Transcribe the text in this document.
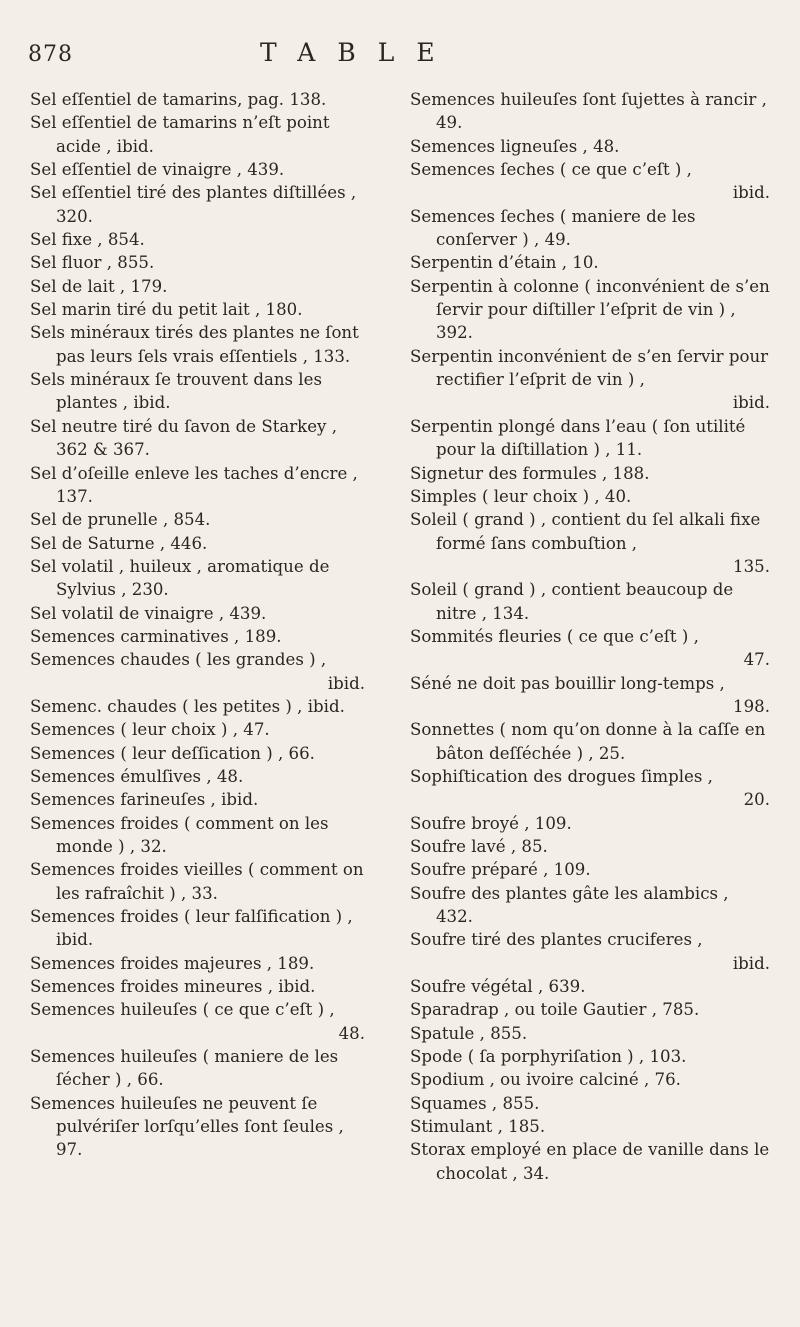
878	TABLE

Sel eſſentiel de tamarins, pag. 138.

Sel eſſentiel de tamarins n’eſt point acide , ibid.

Sel eſſentiel de vinaigre , 439.

Sel eſſentiel tiré des plantes diſtillées , 320.

Sel fixe , 854.

Sel fluor , 855.

Sel de lait , 179.

Sel marin tiré du petit lait , 180.

Sels minéraux tirés des plantes ne ſont pas leurs ſels vrais eſſentiels , 133.

Sels minéraux ſe trouvent dans les plantes , ibid.

Sel neutre tiré du ſavon de Starkey , 362 & 367.

Sel d’oſeille enleve les taches d’encre , 137.

Sel de prunelle , 854.

Sel de Saturne , 446.

Sel volatil , huileux , aromatique de Sylvius , 230.

Sel volatil de vinaigre , 439.

Semences carminatives , 189.

Semences chaudes ( les grandes ) ,
ibid.

Semenc. chaudes ( les petites ) , ibid.

Semences ( leur choix ) , 47.

Semences ( leur deſſication ) , 66.

Semences émulſives , 48.

Semences farineuſes , ibid.

Semences froides ( comment on les monde ) , 32.

Semences froides vieilles ( comment on les rafraîchit ) , 33.

Semences froides ( leur falſification ) , ibid.

Semences froides majeures , 189.

Semences froides mineures , ibid.

Semences huileuſes ( ce que c’eſt ) ,
48.

Semences huileuſes ( maniere de les ſécher ) , 66.

Semences huileuſes ne peuvent ſe pulvériſer lorſqu’elles ſont ſeules , 97.

Semences huileuſes ſont ſujettes à rancir , 49.

Semences ligneuſes , 48.

Semences ſeches ( ce que c’eſt ) ,
ibid.

Semences ſeches ( maniere de les conſerver ) , 49.

Serpentin d’étain , 10.

Serpentin à colonne ( inconvénient de s’en ſervir pour diſtiller l’eſprit de vin ) , 392.

Serpentin inconvénient de s’en ſervir pour rectifier l’eſprit de vin ) ,
ibid.

Serpentin plongé dans l’eau ( ſon utilité pour la diſtillation ) , 11.

Signetur des formules , 188.

Simples ( leur choix ) , 40.

Soleil ( grand ) , contient du ſel alkali fixe formé ſans combuſtion ,
135.

Soleil ( grand ) , contient beaucoup de nitre , 134.

Sommités fleuries ( ce que c’eſt ) ,
47.

Séné ne doit pas bouillir long-temps ,
198.

Sonnettes ( nom qu’on donne à la caſſe en bâton deſſéchée ) , 25.

Sophiſtication des drogues ſimples ,
20.

Soufre broyé , 109.

Soufre lavé , 85.

Soufre préparé , 109.

Soufre des plantes gâte les alambics , 432.

Soufre tiré des plantes cruciferes ,
ibid.

Soufre végétal , 639.

Sparadrap , ou toile Gautier , 785.

Spatule , 855.

Spode ( ſa porphyriſation ) , 103.

Spodium , ou ivoire calciné , 76.

Squames , 855.

Stimulant , 185.

Storax employé en place de vanille dans le chocolat , 34.
